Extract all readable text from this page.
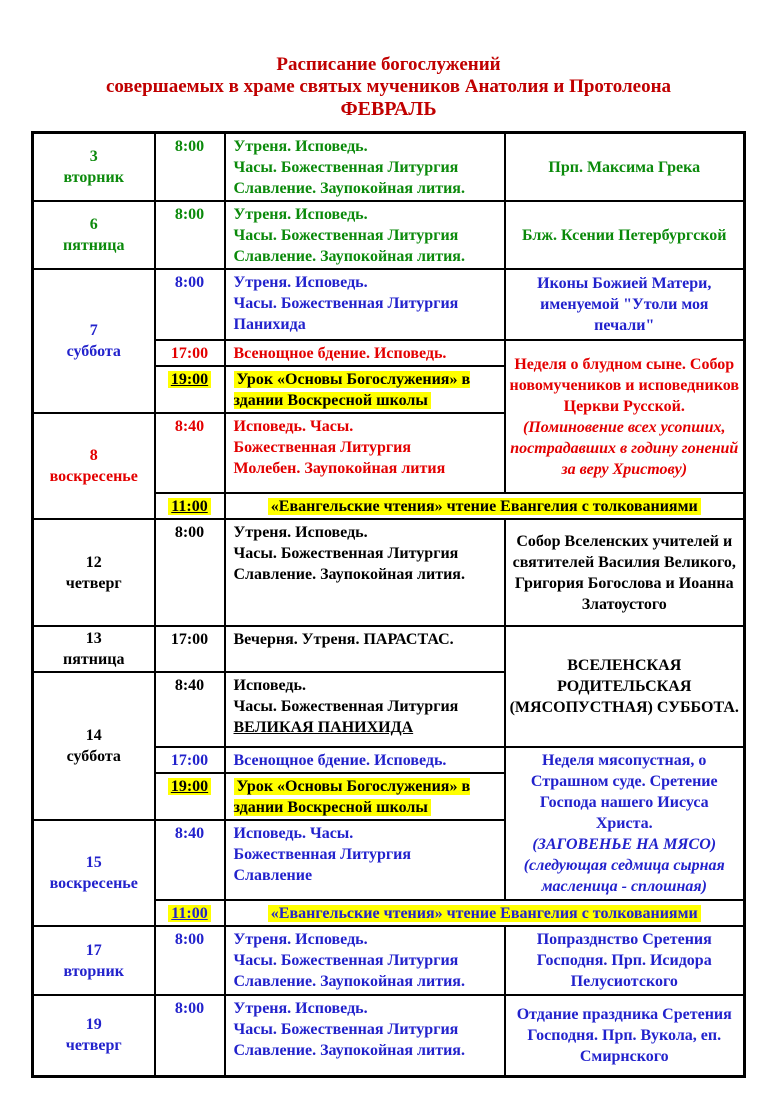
Расписание богослужений
совершаемых в храме святых мучеников Анатолия и Протолеона
ФЕВРАЛЬ
3
вторник
	8:00	Утреня. Исповедь.
Часы. Божественная Литургия
Славление. Заупокойная лития.
	Прп. Максима Грека

6
пятница
	8:00	Утреня. Исповедь.
Часы. Божественная Литургия
Славление. Заупокойная лития.
	Блж. Ксении Петербургской

7
суббота
	8:00	Утреня. Исповедь.
Часы. Божественная Литургия
Панихида
	Иконы Божией Матери, именуемой "Утоли моя печали"
	17:00	Всенощное бдение. Исповедь.	Неделя о блудном сыне. Собор новомучеников и исповедников Церкви Русской.
(Поминовение всех усопших, пострадавших в годину гонений за веру Христову)

	19:00	Урок «Основы Богослужения» в здании Воскресной школы	

8
воскресенье
	8:40	Исповедь. Часы.
Божественная Литургия
Молебен. Заупокойная лития

	11:00	«Евангельские чтения» чтение Евангелия с толкованиями	

12
четверг
	8:00	Утреня. Исповедь.
Часы. Божественная Литургия
Славление. Заупокойная лития.
	Собор Вселенских учителей и святителей Василия Великого, Григория Богослова и Иоанна Златоустого

13
пятница	17:00	Вечерня. Утреня. ПАРАСТАС.	ВСЕЛЕНСКАЯ РОДИТЕЛЬСКАЯ (МЯСОПУСТНАЯ) СУББОТА.

14
суббота
	8:40	Исповедь.
Часы. Божественная Литургия
ВЕЛИКАЯ ПАНИХИДА

	17:00	Всенощное бдение. Исповедь.	Неделя мясопустная, о Страшном суде. Сретение Господа нашего Иисуса Христа.
(ЗАГОВЕНЬЕ НА МЯСО)
(следующая седмица сырная масленица - сплошная)

	19:00	Урок «Основы Богослужения» в здании Воскресной школы	

15
воскресенье
	8:40	Исповедь. Часы.
Божественная Литургия
Славление

	11:00	«Евангельские чтения» чтение Евангелия с толкованиями	

17
вторник
	8:00	Утреня. Исповедь.
Часы. Божественная Литургия
Славление. Заупокойная лития.
	Попразднство Сретения Господня. Прп. Исидора Пелусиотского

19
четверг
	8:00	Утреня. Исповедь.
Часы. Божественная Литургия
Славление. Заупокойная лития.
	Отдание праздника Сретения Господня. Прп. Вукола, еп. Смирнского
